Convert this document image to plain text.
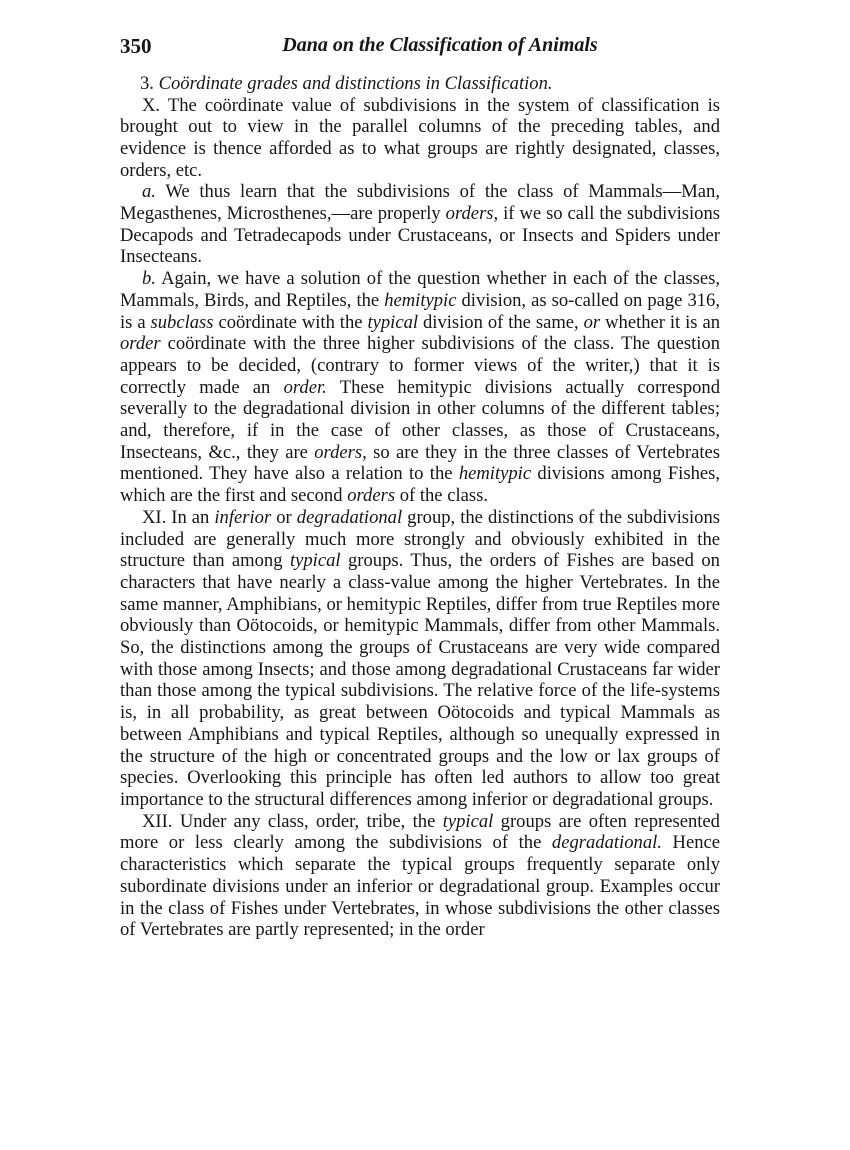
350	Dana on the Classification of Animals
3. Coördinate grades and distinctions in Classification.

X. The coördinate value of subdivisions in the system of classification is brought out to view in the parallel columns of the preceding tables, and evidence is thence afforded as to what groups are rightly designated, classes, orders, etc.

a. We thus learn that the subdivisions of the class of Mammals—Man, Megasthenes, Microsthenes,—are properly orders, if we so call the subdivisions Decapods and Tetradecapods under Crustaceans, or Insects and Spiders under Insecteans.

b. Again, we have a solution of the question whether in each of the classes, Mammals, Birds, and Reptiles, the hemitypic division, as so-called on page 316, is a subclass coördinate with the typical division of the same, or whether it is an order coördinate with the three higher subdivisions of the class. The question appears to be decided, (contrary to former views of the writer,) that it is correctly made an order. These hemitypic divisions actually correspond severally to the degradational division in other columns of the different tables; and, therefore, if in the case of other classes, as those of Crustaceans, Insecteans, &c., they are orders, so are they in the three classes of Vertebrates mentioned. They have also a relation to the hemitypic divisions among Fishes, which are the first and second orders of the class.

XI. In an inferior or degradational group, the distinctions of the subdivisions included are generally much more strongly and obviously exhibited in the structure than among typical groups. Thus, the orders of Fishes are based on characters that have nearly a class-value among the higher Vertebrates. In the same manner, Amphibians, or hemitypic Reptiles, differ from true Reptiles more obviously than Oötocoids, or hemitypic Mammals, differ from other Mammals. So, the distinctions among the groups of Crustaceans are very wide compared with those among Insects; and those among degradational Crustaceans far wider than those among the typical subdivisions. The relative force of the life-systems is, in all probability, as great between Oötocoids and typical Mammals as between Amphibians and typical Reptiles, although so unequally expressed in the structure of the high or concentrated groups and the low or lax groups of species. Overlooking this principle has often led authors to allow too great importance to the structural differences among inferior or degradational groups.

XII. Under any class, order, tribe, the typical groups are often represented more or less clearly among the subdivisions of the degradational. Hence characteristics which separate the typical groups frequently separate only subordinate divisions under an inferior or degradational group. Examples occur in the class of Fishes under Vertebrates, in whose subdivisions the other classes of Vertebrates are partly represented; in the order
